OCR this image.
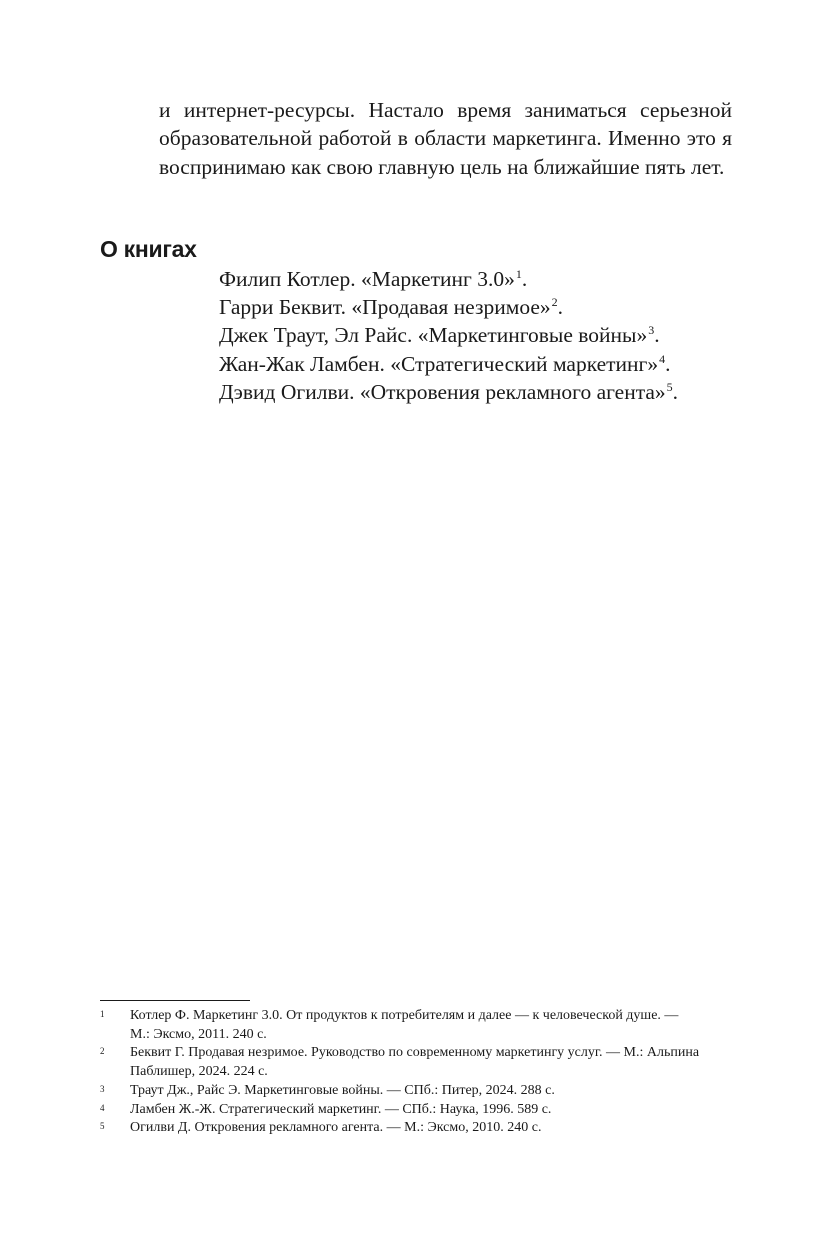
и интернет-ресурсы. Настало время заниматься серьезной образовательной работой в области маркетинга. Именно это я воспринимаю как свою главную цель на ближайшие пять лет.

О книгах
Филип Котлер. «Маркетинг 3.0»$^1$.
Гарри Беквит. «Продавая незримое»$^2$.
Джек Траут, Эл Райс. «Маркетинговые войны»$^3$.
Жан-Жак Ламбен. «Стратегический маркетинг»$^4$.
Дэвид Огилви. «Откровения рекламного агента»$^5$.
1 Котлер Ф. Маркетинг 3.0. От продуктов к потребителям и далее — к человеческой душе. — М.: Эксмо, 2011. 240 с.
2 Беквит Г. Продавая незримое. Руководство по современному маркетингу услуг. — М.: Альпина Паблишер, 2024. 224 с.
3 Траут Дж., Райс Э. Маркетинговые войны. — СПб.: Питер, 2024. 288 с.
4 Ламбен Ж.-Ж. Стратегический маркетинг. — СПб.: Наука, 1996. 589 с.
5 Огилви Д. Откровения рекламного агента. — М.: Эксмо, 2010. 240 с.
